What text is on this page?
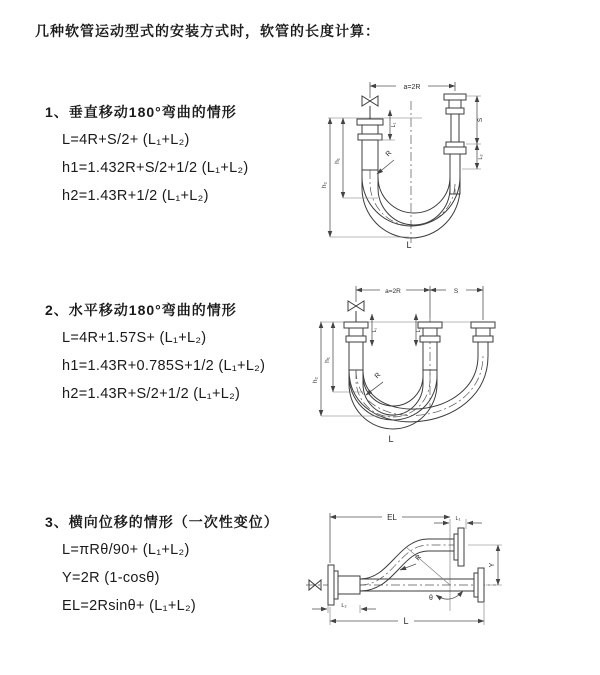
几种软管运动型式的安装方式时，软管的长度计算：
1、垂直移动180°弯曲的情形
L=4R+S/2+ (L₁+L₂)
h1=1.432R+S/2+1/2 (L₁+L₂)
h2=1.43R+1/2 (L₁+L₂)
2、水平移动180°弯曲的情形
L=4R+1.57S+ (L₁+L₂)
h1=1.43R+0.785S+1/2 (L₁+L₂)
h2=1.43R+S/2+1/2 (L₁+L₂)
3、横向位移的情形（一次性变位）
L=πRθ/90+ (L₁+L₂)
Y=2R (1-cosθ)
EL=2Rsinθ+ (L₁+L₂)
a=2R
L₁
S
L₂
h₁
h₂
R
L
a=2R	S
L₁	L₂
h₁
h₂	R
L
EL	L₁
Y
R
θ
L₂
L
